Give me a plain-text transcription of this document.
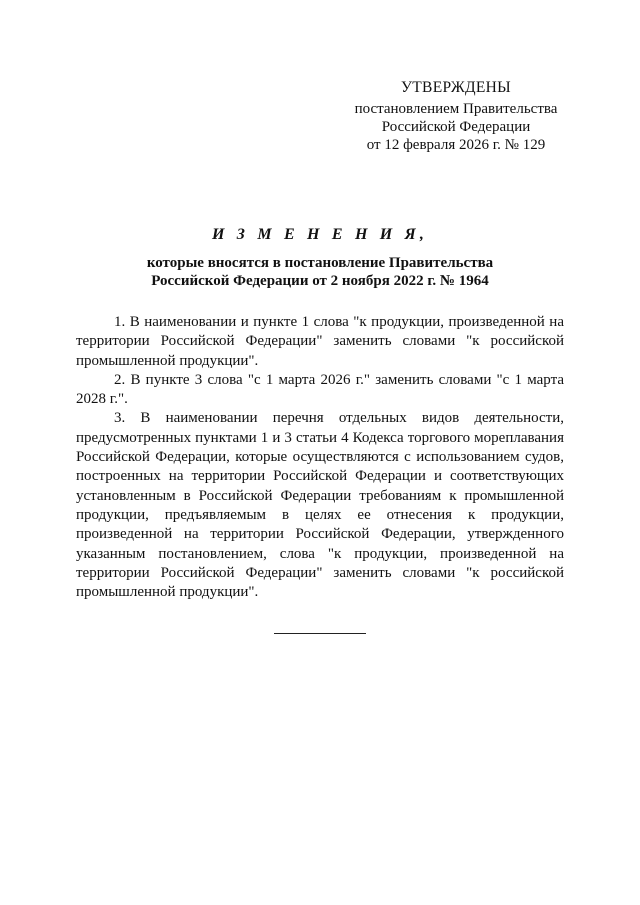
УТВЕРЖДЕНЫ
постановлением Правительства
Российской Федерации
от 12 февраля 2026 г. № 129
И З М Е Н Е Н И Я,
которые вносятся в постановление Правительства
Российской Федерации от 2 ноября 2022 г. № 1964

1. В наименовании и пункте 1 слова "к продукции, произведенной на территории Российской Федерации" заменить словами "к российской промышленной продукции".

2. В пункте 3 слова "с 1 марта 2026 г." заменить словами "с 1 марта 2028 г.".

3. В наименовании перечня отдельных видов деятельности, предусмотренных пунктами 1 и 3 статьи 4 Кодекса торгового мореплавания Российской Федерации, которые осуществляются с использованием судов, построенных на территории Российской Федерации и соответствующих установленным в Российской Федерации требованиям к промышленной продукции, предъявляемым в целях ее отнесения к продукции, произведенной на территории Российской Федерации, утвержденного указанным постановлением, слова "к продукции, произведенной на территории Российской Федерации" заменить словами "к российской промышленной продукции".
